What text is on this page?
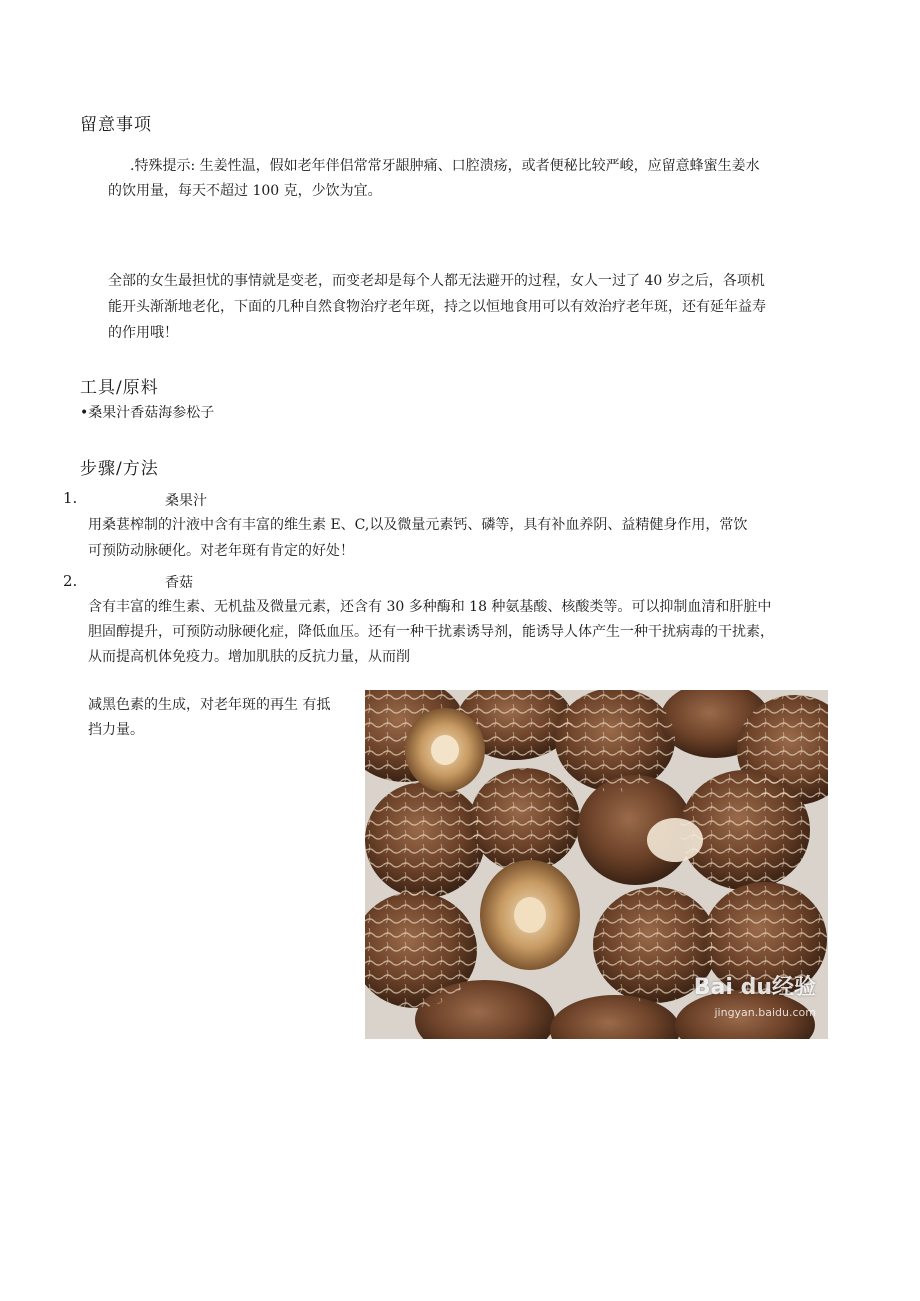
留意事项
.特殊提示: 生姜性温，假如老年伴侣常常牙龈肿痛、口腔溃疡，或者便秘比较严峻，应留意蜂蜜生姜水
的饮用量，每天不超过 100 克，少饮为宜。
全部的女生最担忧的事情就是变老，而变老却是每个人都无法避开的过程，女人一过了 40 岁之后，各项机
能开头渐渐地老化，下面的几种自然食物治疗老年斑，持之以恒地食用可以有效治疗老年斑，还有延年益寿
的作用哦！
工具/原料
•桑果汁香菇海参松子
步骤/方法
1.	桑果汁
用桑葚榨制的汁液中含有丰富的维生素 E、C,以及微量元素钙、磷等，具有补血养阴、益精健身作用，常饮
可预防动脉硬化。对老年斑有肯定的好处！
2.	香菇
含有丰富的维生素、无机盐及微量元素，还含有 30 多种酶和 18 种氨基酸、核酸类等。可以抑制血清和肝脏中
胆固醇提升，可预防动脉硬化症，降低血压。还有一种干扰素诱导剂，能诱导人体产生一种干扰病毒的干扰素，
从而提高机体免疫力。增加肌肤的反抗力量，从而削
减黑色素的生成，对老年斑的再生 有抵
挡力量。
Bai du经验
jingyan.baidu.com
